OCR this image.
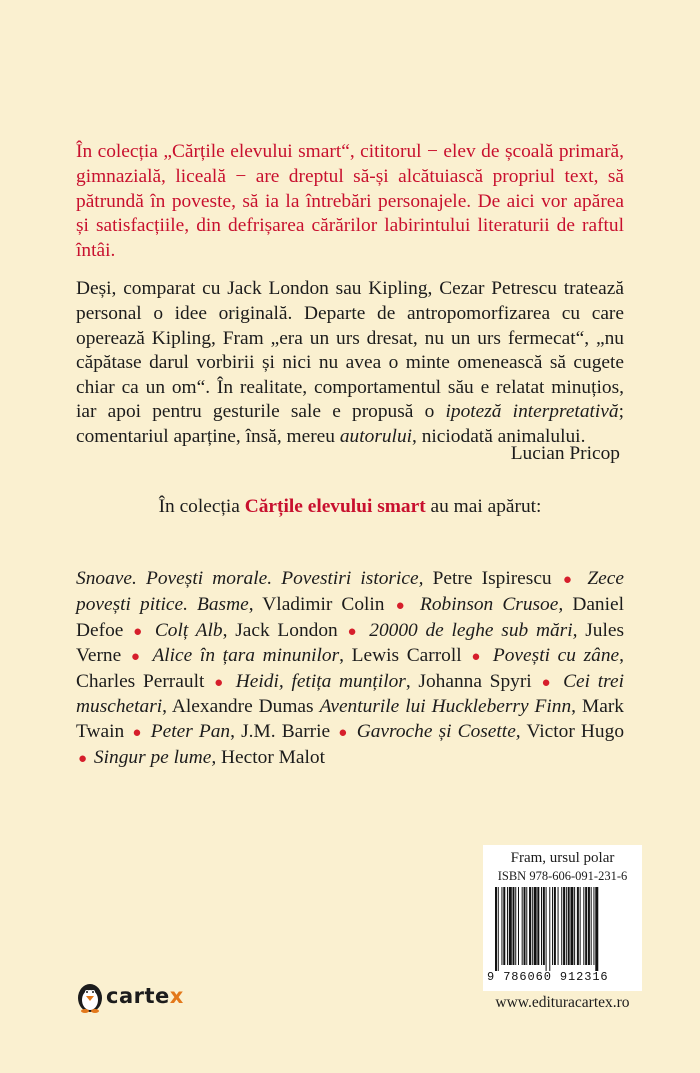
În colecția „Cărțile elevului smart“, cititorul − elev de școală primară, gimnazială, liceală − are dreptul să-și alcătuiască propriul text, să pătrundă în poveste, să ia la întrebări personajele. De aici vor apărea și satisfacțiile, din defrișarea cărărilor labirintului literaturii de raftul întâi.

Deși, comparat cu Jack London sau Kipling, Cezar Petrescu tratează personal o idee originală. Departe de antropomorfizarea cu care operează Kipling, Fram „era un urs dresat, nu un urs fermecat“, „nu căpătase darul vorbirii și nici nu avea o minte omenească să cugete chiar ca un om“. În realitate, comportamentul său e relatat minuțios, iar apoi pentru gesturile sale e propusă o ipoteză interpretativă; comentariul aparține, însă, mereu autorului, niciodată animalului.

Lucian Pricop
În colecția Cărțile elevului smart au mai apărut:

Snoave. Povești morale. Povestiri istorice, Petre Ispirescu ● Zece povești pitice. Basme, Vladimir Colin ● Robinson Crusoe, Daniel Defoe ● Colț Alb, Jack London ● 20000 de leghe sub mări, Jules Verne ● Alice în țara minunilor, Lewis Carroll ● Povești cu zâne, Charles Perrault ● Heidi, fetița munților, Johanna Spyri ● Cei trei muschetari, Alexandre Dumas Aventurile lui Huckleberry Finn, Mark Twain ● Peter Pan, J.M. Barrie ● Gavroche și Cosette, Victor Hugo ● Singur pe lume, Hector Malot

Fram, ursul polar
ISBN 978-606-091-231-6
9 786060 912316
www.edituracartex.ro
cartex
